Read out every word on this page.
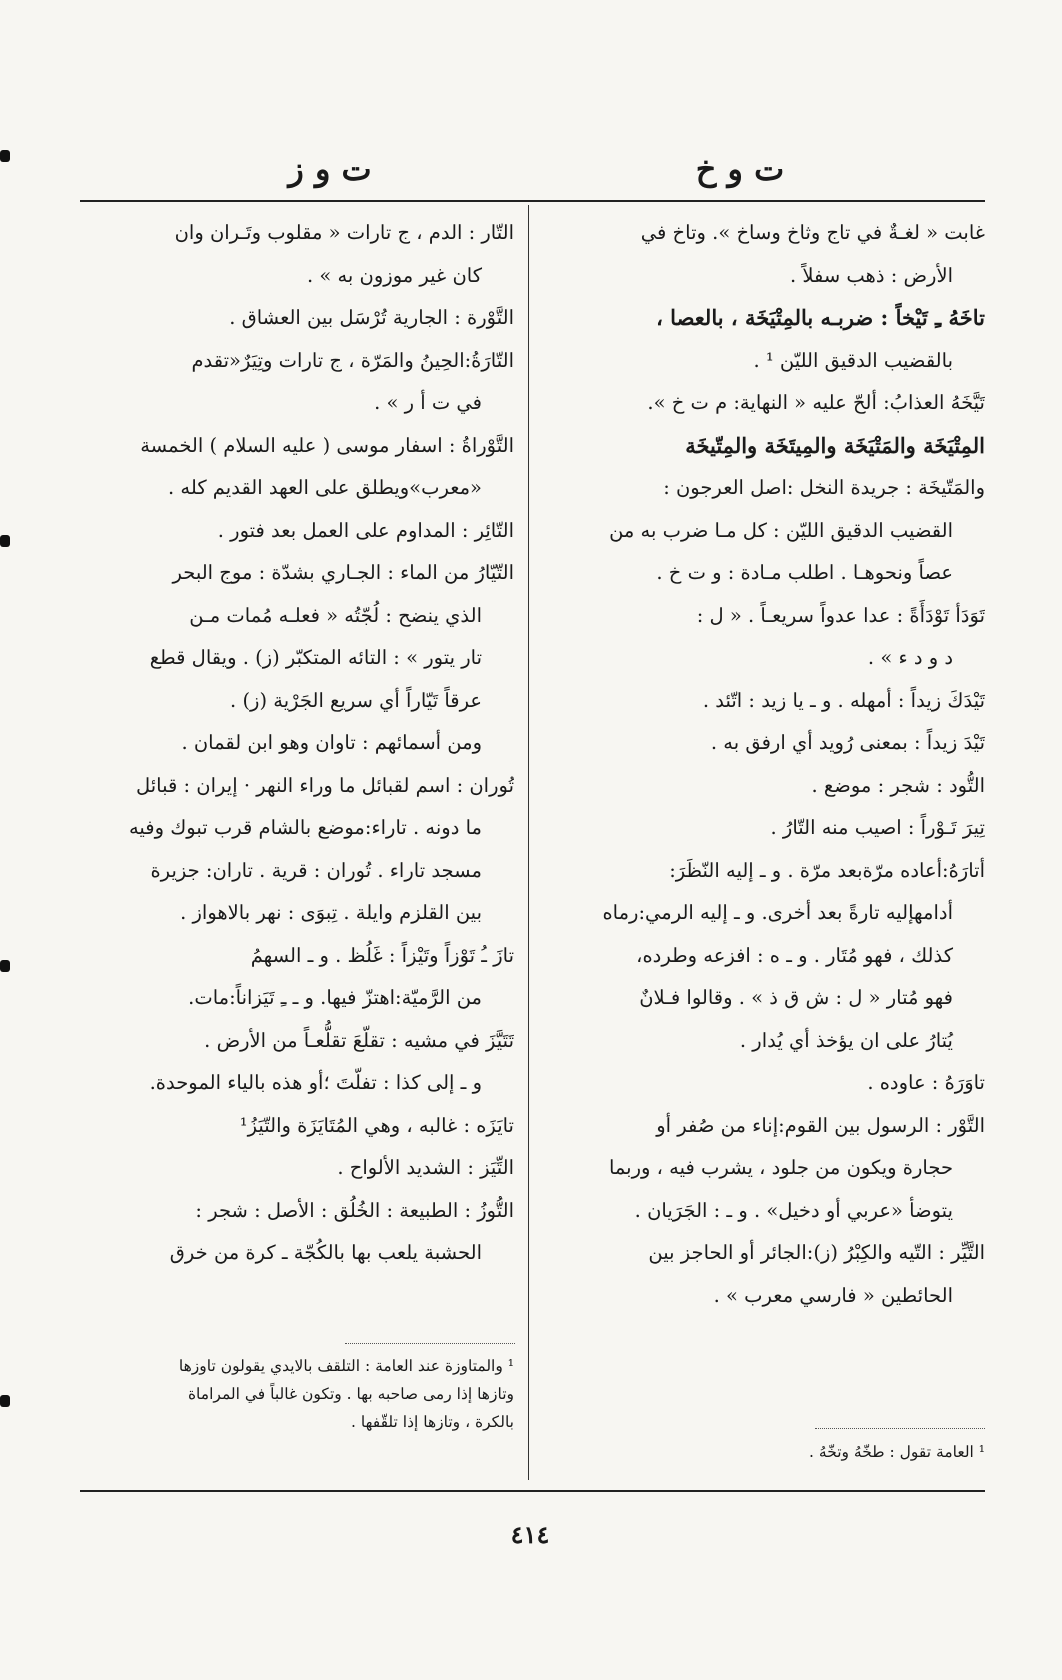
ت و خ
ت و ز
غابت « لغـةٌ في تاج وثاخ وساخ ». وتاخ في
الأرض : ذهب سفلاً .
تاخَهُ ـِ تَيْخاً : ضربـه بالمِتْيَخَة ، بالعصا ،
بالقضيب الدقيق الليّن ¹ .
تَيَّخَهُ العذابُ: ألحّ عليه « النهاية: م ت خ ».
المِتْيَخَة والمَتْيَخَة والمِيتَخَة والمِتّيخَة
والمَتّيخَة : جريدة النخل :اصل العرجون :
القضيب الدقيق الليّن : كل مـا ضرب به من
عصاً ونحوهـا . اطلب مـادة : و ت خ .
تَوَدَأ تَوْدَأَةً : عدا عدواً سريعـاً . « ل :
د و د ء » .
تَيْدَكَ زيداً : أمهله . و ـ يا زيد : اتّئد .
تَيْدَ زيداً : بمعنى رُويد أي ارفق به .
التُّود : شجر : موضع .
تِيرَ تَـوْراً : اصيب منه التّارُ .
أتارَهُ:أعاده مرّةبعد مرّة . و ـ إليه النّظَرَ:
أدامهإليه تارةً بعد أخرى. و ـ إليه الرمي:رماه
كذلك ، فهو مُتَار . و ـ ه : افزعه وطرده،
فهو مُتار « ل : ش ق ذ » . وقالوا فـلانٌ
يُتارُ على ان يؤخذ أي يُدار .
تاوَرَهُ : عاوده .
التَّوْر : الرسول بين القوم:إناء من صُفر أو
حجارة ويكون من جلود ، يشرب فيه ، وربما
يتوضأ «عربي أو دخيل» . و ـ : الجَرَيان .
التَّيِّر : التّيه والكِبْرُ (ز):الجائر أو الحاجز بين
الحائطين « فارسي معرب » .
التّار : الدم ، ج تارات « مقلوب وتَـران وان
كان غير موزون به » .
التَّوْرة : الجارية تُرْسَل بين العشاق .
التّارَةُ:الحِينُ والمَرّة ، ج تارات وتِيَرٌ«تقدم
في ت أ ر » .
التَّوْراةُ : اسفار موسى ( عليه السلام ) الخمسة
«معرب»ويطلق على العهد القديم كله .
التّائِر : المداوم على العمل بعد فتور .
التّيّارُ من الماء : الجـاري بشدّة : موج البحر
الذي ينضح : لُجّتُه « فعلـه مُمات مـن
تار يتور » : التائه المتكبّر (ز) . ويقال قطع
عرقاً تَيّاراً أي سريع الجَرْية (ز) .
ومن أسمائهم : تاوان وهو ابن لقمان .
تُوران : اسم لقبائل ما وراء النهر · إيران : قبائل
ما دونه . تاراء:موضع بالشام قرب تبوك وفيه
مسجد تاراء . تُوران : قرية . تاران: جزيرة
بين القلزم وايلة . تِبوَى : نهر بالاهواز .
تازَ ـُ تَوْزاً وتَيْزاً : غَلُظ . و ـ السهمُ
من الرَّميّة:اهتزّ فيها. و ـ ـِ تَيَزاناً:مات.
تَتَيَّزَ في مشيه : تقلّعَ تقلُّعـاً من الأرض .
و ـ إلى كذا : تفلّتَ ؛أو هذه بالياء الموحدة.
تايَزَه : غالبه ، وهي المُتَايَزَة والتّيَزُ¹
التِّيَز : الشديد الألواح .
التُّوزُ : الطبيعة : الخُلُق : الأصل : شجر :
الحشبة يلعب بها بالكُجّة ـ كرة من خرق
¹ والمتاوزة عند العامة : التلقف بالايدي يقولون تاوزها
وتازها إذا رمى صاحبه بها . وتكون غالباً في المراماة
بالكرة ، وتازها إذا تلقّفها .
¹ العامة تقول : طخّهُ وتخّهُ .
٤١٤
